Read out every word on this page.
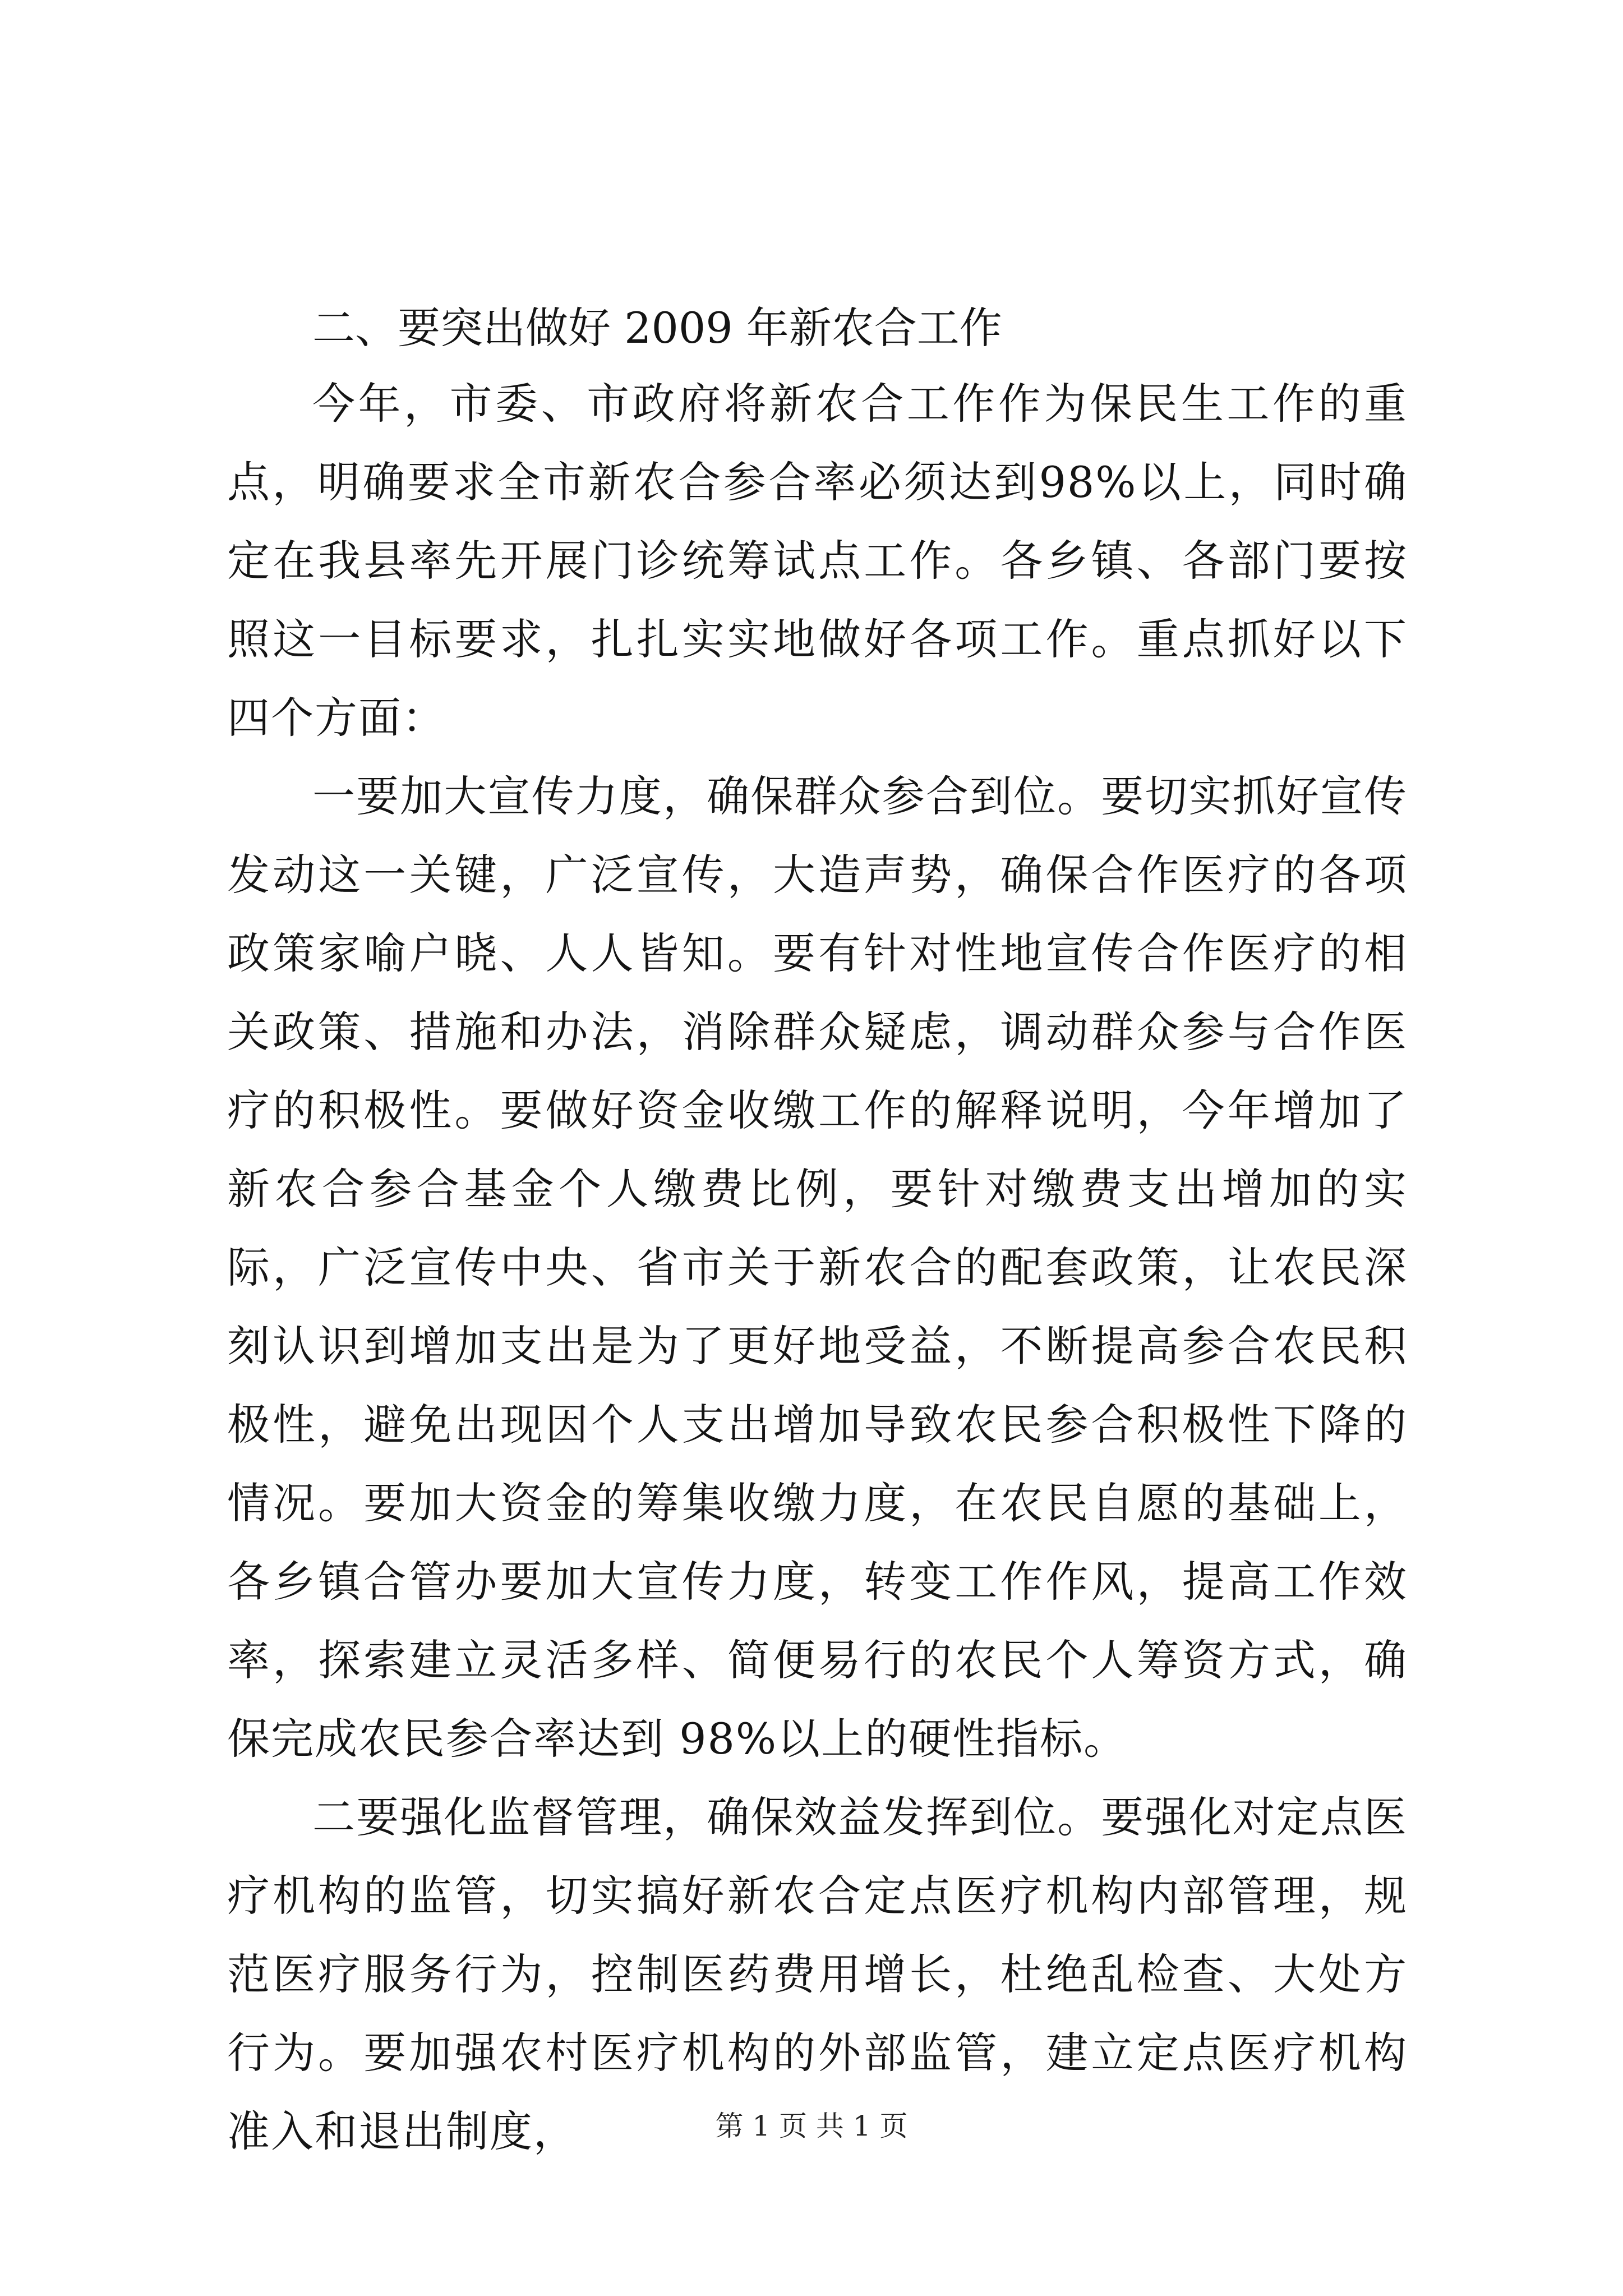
二、要突出做好 2009 年新农合工作

今年，市委、市政府将新农合工作作为保民生工作的重点，明确要求全市新农合参合率必须达到98%以上，同时确定在我县率先开展门诊统筹试点工作。各乡镇、各部门要按照这一目标要求，扎扎实实地做好各项工作。重点抓好以下四个方面：

一要加大宣传力度，确保群众参合到位。要切实抓好宣传发动这一关键，广泛宣传，大造声势，确保合作医疗的各项政策家喻户晓、人人皆知。要有针对性地宣传合作医疗的相关政策、措施和办法，消除群众疑虑，调动群众参与合作医疗的积极性。要做好资金收缴工作的解释说明，今年增加了新农合参合基金个人缴费比例，要针对缴费支出增加的实际，广泛宣传中央、省市关于新农合的配套政策，让农民深刻认识到增加支出是为了更好地受益，不断提高参合农民积极性，避免出现因个人支出增加导致农民参合积极性下降的情况。要加大资金的筹集收缴力度，在农民自愿的基础上，各乡镇合管办要加大宣传力度，转变工作作风，提高工作效率，探索建立灵活多样、简便易行的农民个人筹资方式，确保完成农民参合率达到 98%以上的硬性指标。

二要强化监督管理，确保效益发挥到位。要强化对定点医疗机构的监管，切实搞好新农合定点医疗机构内部管理，规范医疗服务行为，控制医药费用增长，杜绝乱检查、大处方行为。要加强农村医疗机构的外部监管，建立定点医疗机构准入和退出制度，	第 1 页 共 1 页
